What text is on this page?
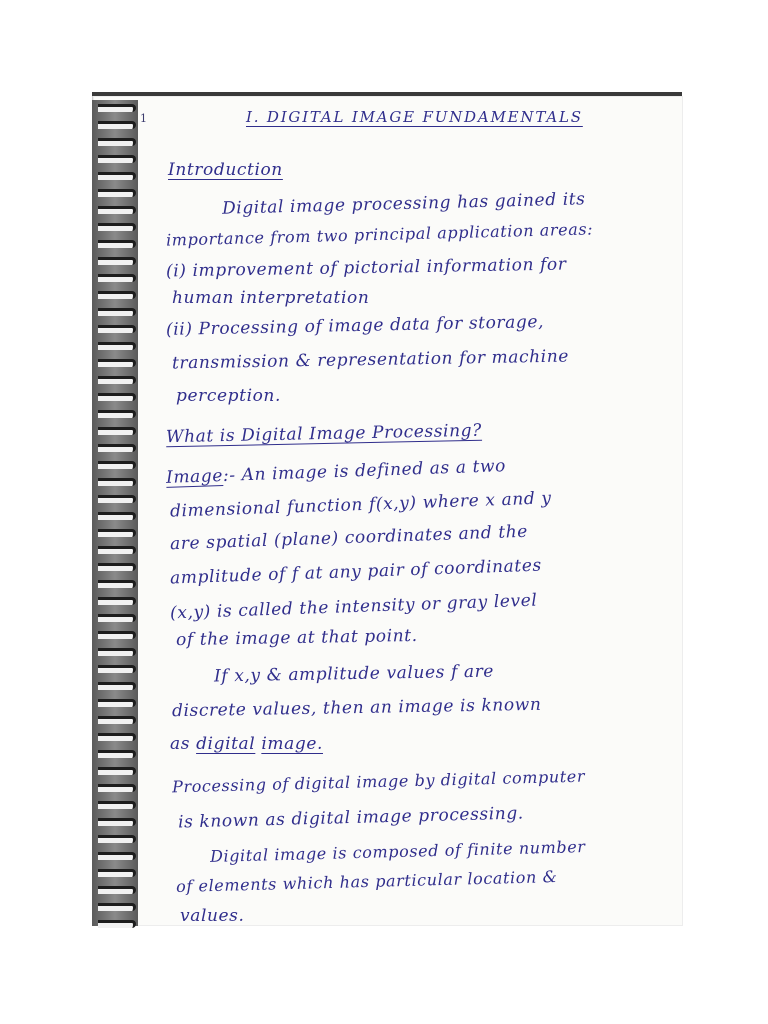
1	I. DIGITAL IMAGE FUNDAMENTALS
Introduction
Digital image processing has gained its
importance from two principal application areas:
(i) improvement of pictorial information for
human interpretation
(ii) Processing of image data for storage,
transmission & representation for machine
perception.
What is Digital Image Processing?
Image:- An image is defined as a two
dimensional function f(x,y) where x and y
are spatial (plane) coordinates and the
amplitude of f at any pair of coordinates
(x,y) is called the intensity or gray level
of the image at that point.
If x,y & amplitude values f are
discrete values, then an image is known
as digital image.
Processing of digital image by digital computer
is known as digital image processing.
Digital image is composed of finite number
of elements which has particular location &
values.
